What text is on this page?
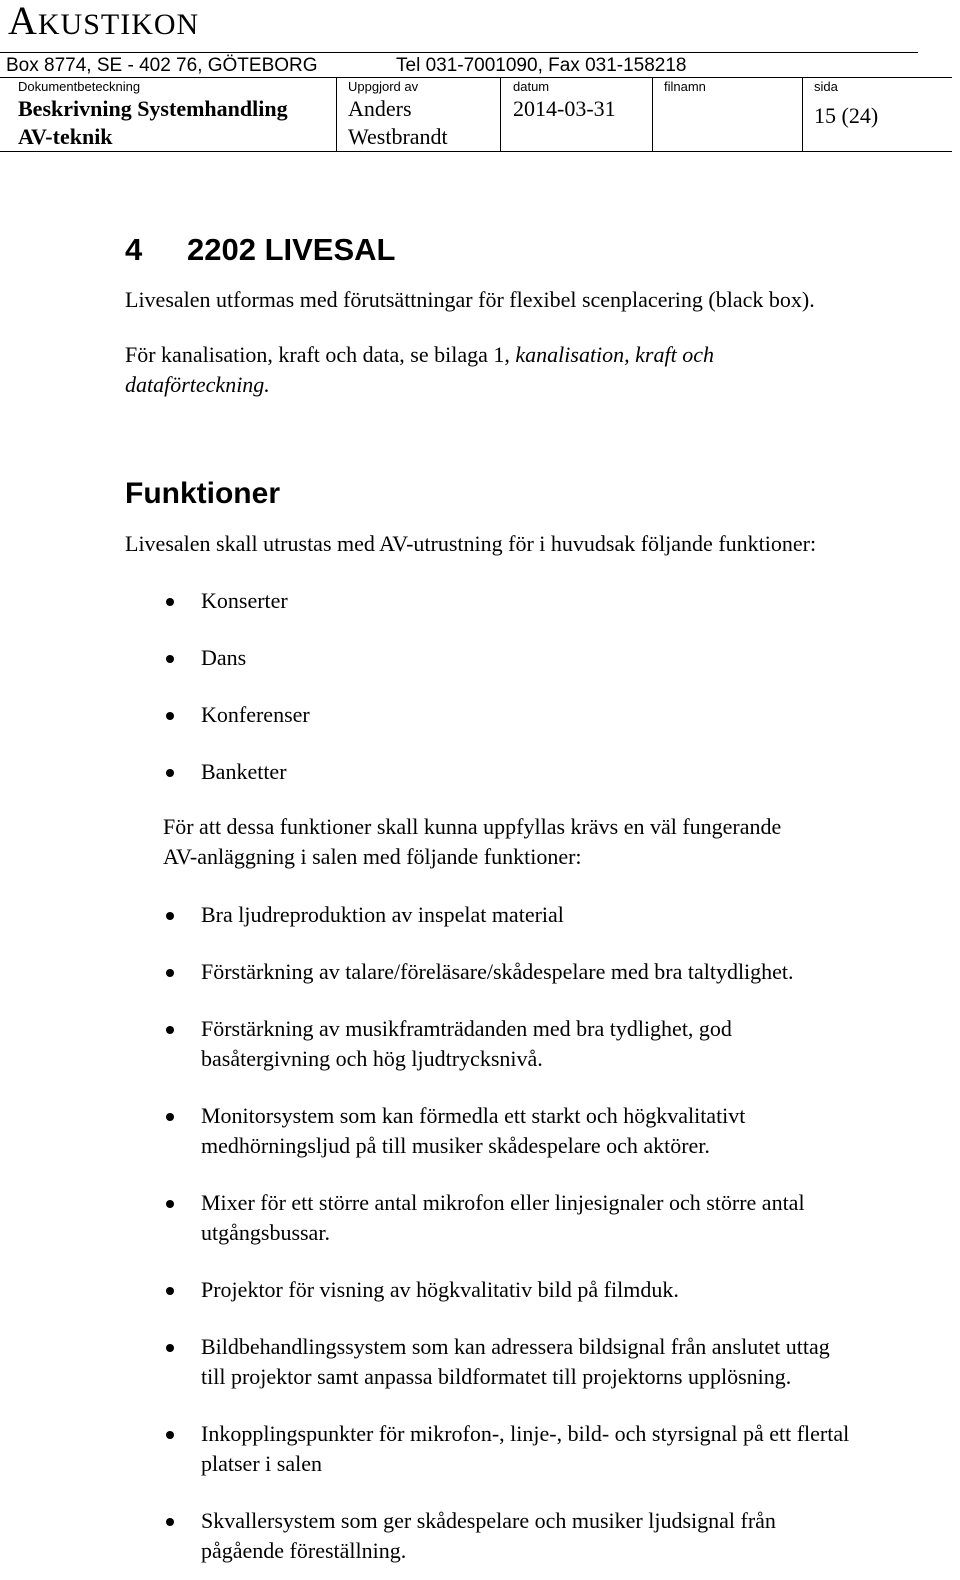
AKUSTIKON
Box 8774, SE - 402 76, GÖTEBORG	Tel 031-7001090, Fax 031-158218
Dokumentbeteckning
Beskrivning Systemhandling
AV-teknik
Uppgjord av
Anders
Westbrandt
datum
2014-03-31
filnamn	sida
15 (24)
4 2202 LIVESAL
Livesalen utformas med förutsättningar för flexibel scenplacering (black box).
För kanalisation, kraft och data, se bilaga 1, kanalisation, kraft och
dataförteckning.
Funktioner
Livesalen skall utrustas med AV-utrustning för i huvudsak följande funktioner:
Konserter
Dans
Konferenser
Banketter
För att dessa funktioner skall kunna uppfyllas krävs en väl fungerande
AV-anläggning i salen med följande funktioner:
Bra ljudreproduktion av inspelat material
Förstärkning av talare/föreläsare/skådespelare med bra taltydlighet.
Förstärkning av musikframträdanden med bra tydlighet, god
basåtergivning och hög ljudtrycksnivå.
Monitorsystem som kan förmedla ett starkt och högkvalitativt
medhörningsljud på till musiker skådespelare och aktörer.
Mixer för ett större antal mikrofon eller linjesignaler och större antal
utgångsbussar.
Projektor för visning av högkvalitativ bild på filmduk.
Bildbehandlingssystem som kan adressera bildsignal från anslutet uttag
till projektor samt anpassa bildformatet till projektorns upplösning.
Inkopplingspunkter för mikrofon-, linje-, bild- och styrsignal på ett flertal
platser i salen
Skvallersystem som ger skådespelare och musiker ljudsignal från
pågående föreställning.
